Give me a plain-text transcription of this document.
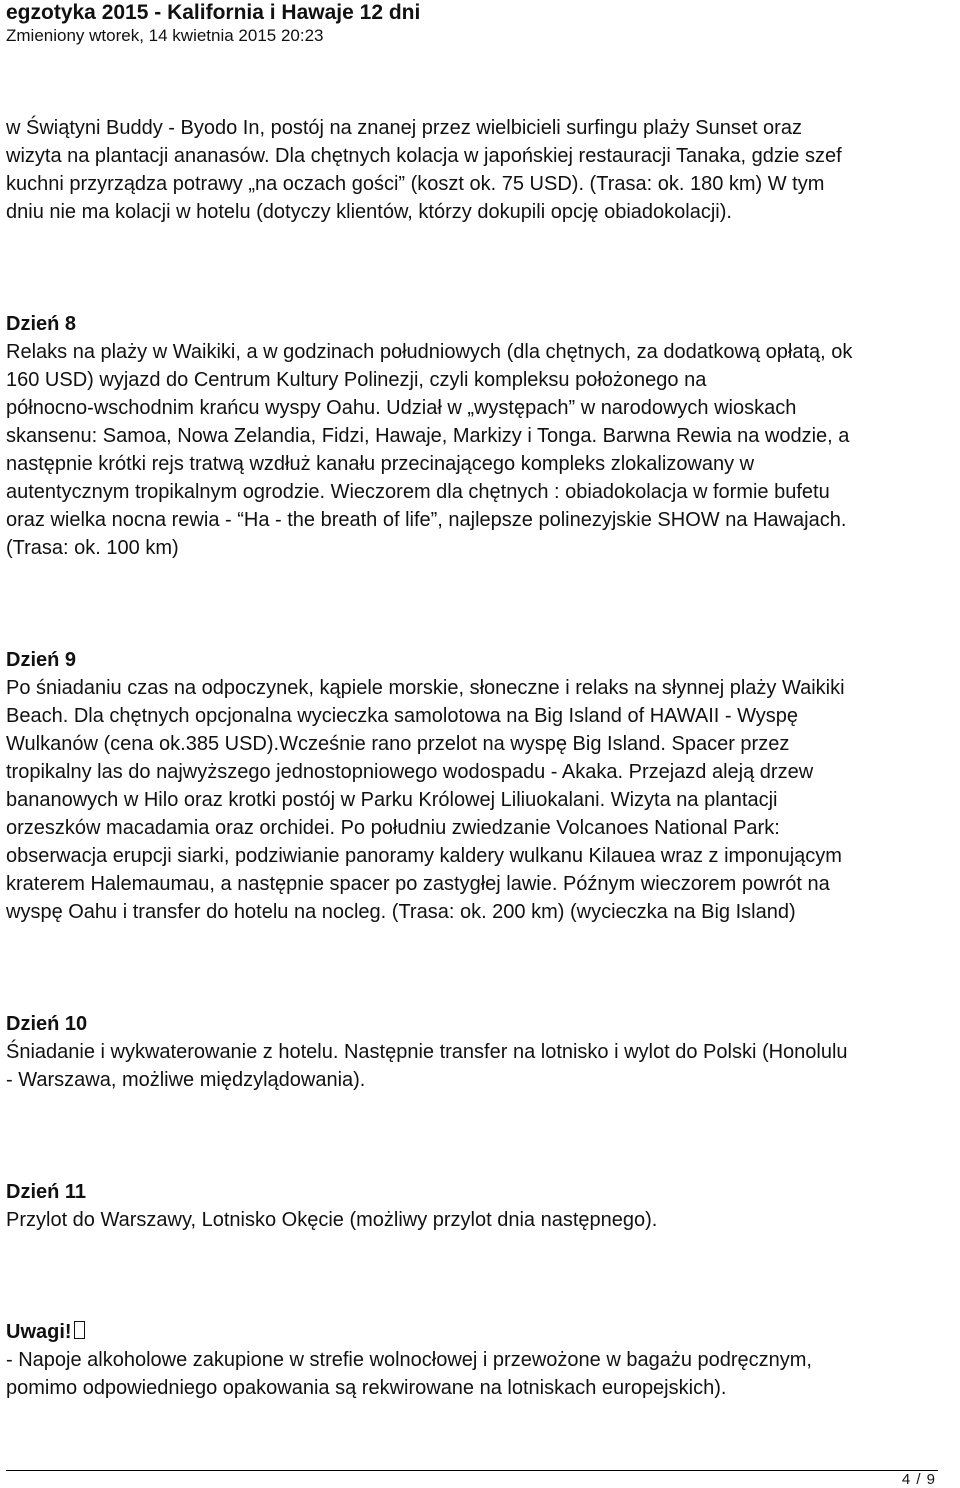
egzotyka 2015 - Kalifornia i Hawaje 12 dni

Zmieniony wtorek, 14 kwietnia 2015 20:23

w Świątyni Buddy - Byodo In, postój na znanej przez wielbicieli surfingu plaży Sunset oraz
wizyta na plantacji ananasów. Dla chętnych kolacja w japońskiej restauracji Tanaka, gdzie szef
kuchni przyrządza potrawy „na oczach gości” (koszt ok. 75 USD). (Trasa: ok. 180 km) W tym
dniu nie ma kolacji w hotelu (dotyczy klientów, którzy dokupili opcję obiadokolacji).

Dzień 8

Relaks na plaży w Waikiki, a w godzinach południowych (dla chętnych, za dodatkową opłatą, ok
160 USD) wyjazd do Centrum Kultury Polinezji, czyli kompleksu położonego na
północno-wschodnim krańcu wyspy Oahu. Udział w „występach” w narodowych wioskach
skansenu: Samoa, Nowa Zelandia, Fidzi, Hawaje, Markizy i Tonga. Barwna Rewia na wodzie, a
następnie krótki rejs tratwą wzdłuż kanału przecinającego kompleks zlokalizowany w
autentycznym tropikalnym ogrodzie. Wieczorem dla chętnych : obiadokolacja w formie bufetu
oraz wielka nocna rewia - “Ha - the breath of life”, najlepsze polinezyjskie SHOW na Hawajach.
(Trasa: ok. 100 km)

Dzień 9

Po śniadaniu czas na odpoczynek, kąpiele morskie, słoneczne i relaks na słynnej plaży Waikiki
Beach. Dla chętnych opcjonalna wycieczka samolotowa na Big Island of HAWAII - Wyspę
Wulkanów (cena ok.385 USD).Wcześnie rano przelot na wyspę Big Island. Spacer przez
tropikalny las do najwyższego jednostopniowego wodospadu - Akaka. Przejazd aleją drzew
bananowych w Hilo oraz krotki postój w Parku Królowej Liliuokalani. Wizyta na plantacji
orzeszków macadamia oraz orchidei. Po południu zwiedzanie Volcanoes National Park:
obserwacja erupcji siarki, podziwianie panoramy kaldery wulkanu Kilauea wraz z imponującym
kraterem Halemaumau, a następnie spacer po zastygłej lawie. Późnym wieczorem powrót na
wyspę Oahu i transfer do hotelu na nocleg. (Trasa: ok. 200 km) (wycieczka na Big Island)

Dzień 10

Śniadanie i wykwaterowanie z hotelu. Następnie transfer na lotnisko i wylot do Polski (Honolulu
- Warszawa, możliwe międzylądowania).

Dzień 11

Przylot do Warszawy, Lotnisko Okęcie (możliwy przylot dnia następnego).

Uwagi!

- Napoje alkoholowe zakupione w strefie wolnocłowej i przewożone w bagażu podręcznym,
pomimo odpowiedniego opakowania są rekwirowane na lotniskach europejskich).

4 / 9
